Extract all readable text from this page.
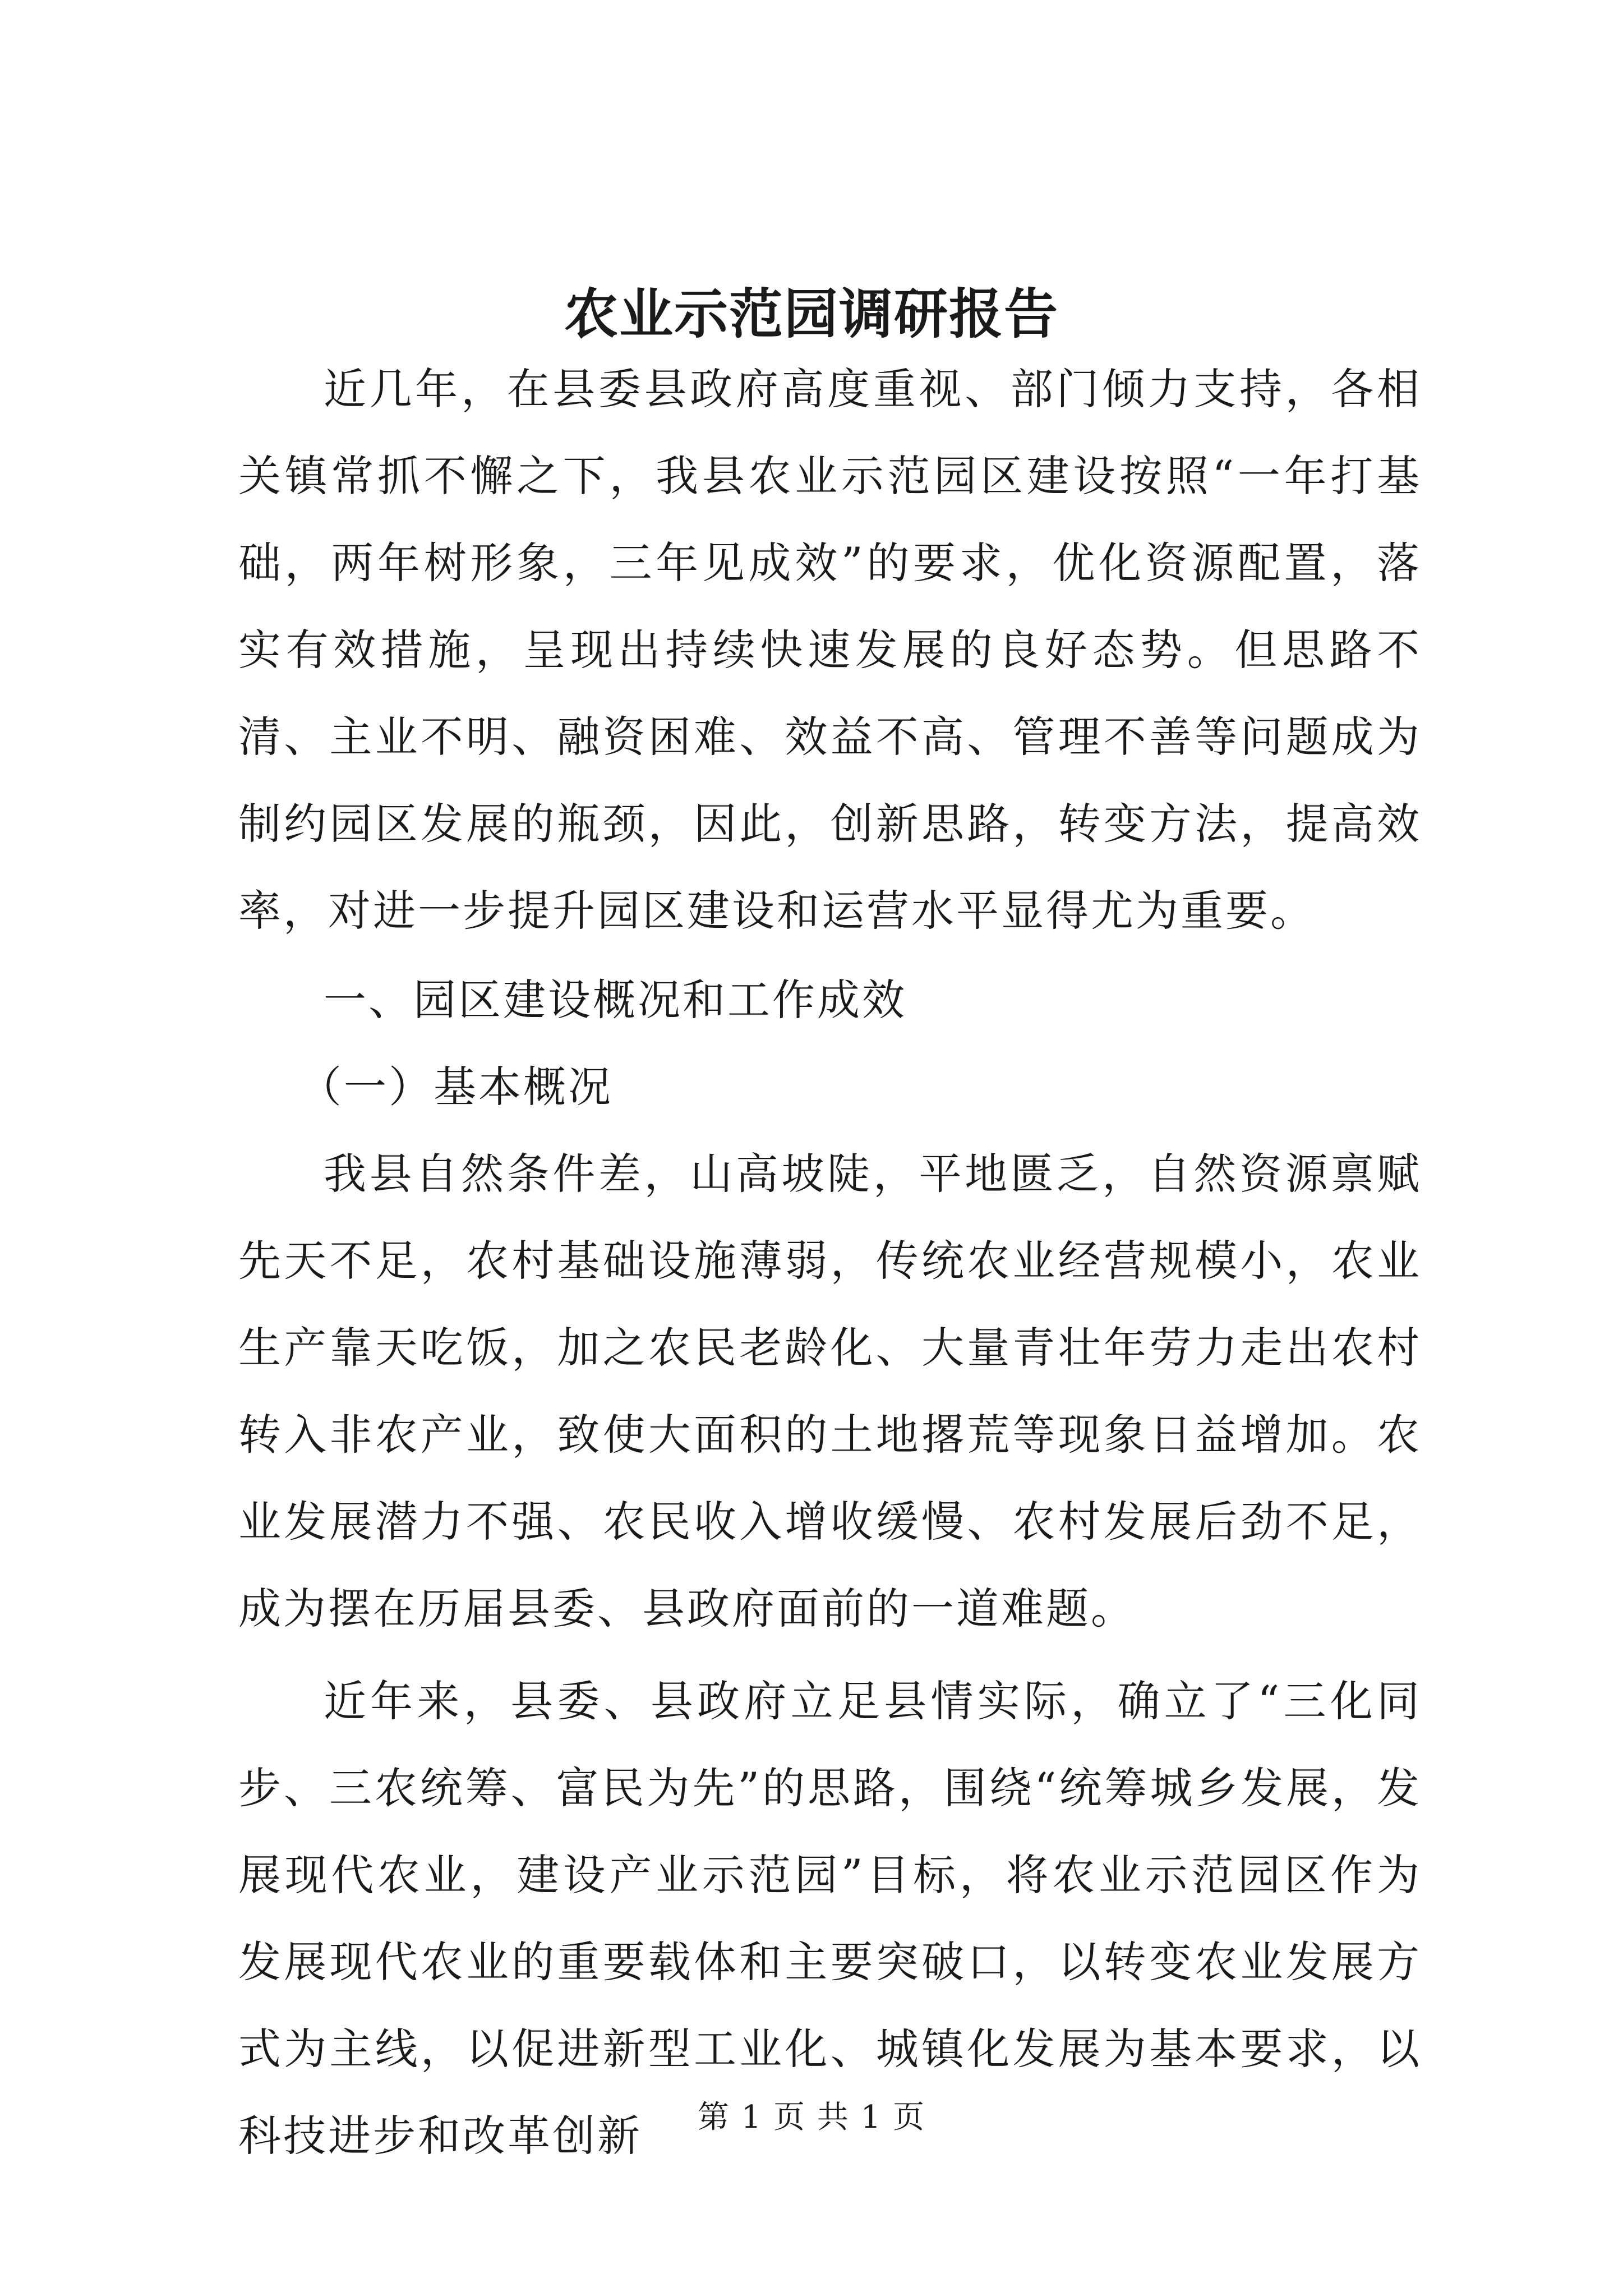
农业示范园调研报告

近几年，在县委县政府高度重视、部门倾力支持，各相关镇常抓不懈之下，我县农业示范园区建设按照“一年打基础，两年树形象，三年见成效”的要求，优化资源配置，落实有效措施，呈现出持续快速发展的良好态势。但思路不清、主业不明、融资困难、效益不高、管理不善等问题成为制约园区发展的瓶颈，因此，创新思路，转变方法，提高效率，对进一步提升园区建设和运营水平显得尤为重要。

一、园区建设概况和工作成效

（一）基本概况

我县自然条件差，山高坡陡，平地匮乏，自然资源禀赋先天不足，农村基础设施薄弱，传统农业经营规模小，农业生产靠天吃饭，加之农民老龄化、大量青壮年劳力走出农村转入非农产业，致使大面积的土地撂荒等现象日益增加。农业发展潜力不强、农民收入增收缓慢、农村发展后劲不足，成为摆在历届县委、县政府面前的一道难题。

近年来，县委、县政府立足县情实际，确立了“三化同步、三农统筹、富民为先”的思路，围绕“统筹城乡发展，发展现代农业，建设产业示范园”目标，将农业示范园区作为发展现代农业的重要载体和主要突破口，以转变农业发展方式为主线，以促进新型工业化、城镇化发展为基本要求，以科技进步和改革创新	第 1 页 共 1 页
